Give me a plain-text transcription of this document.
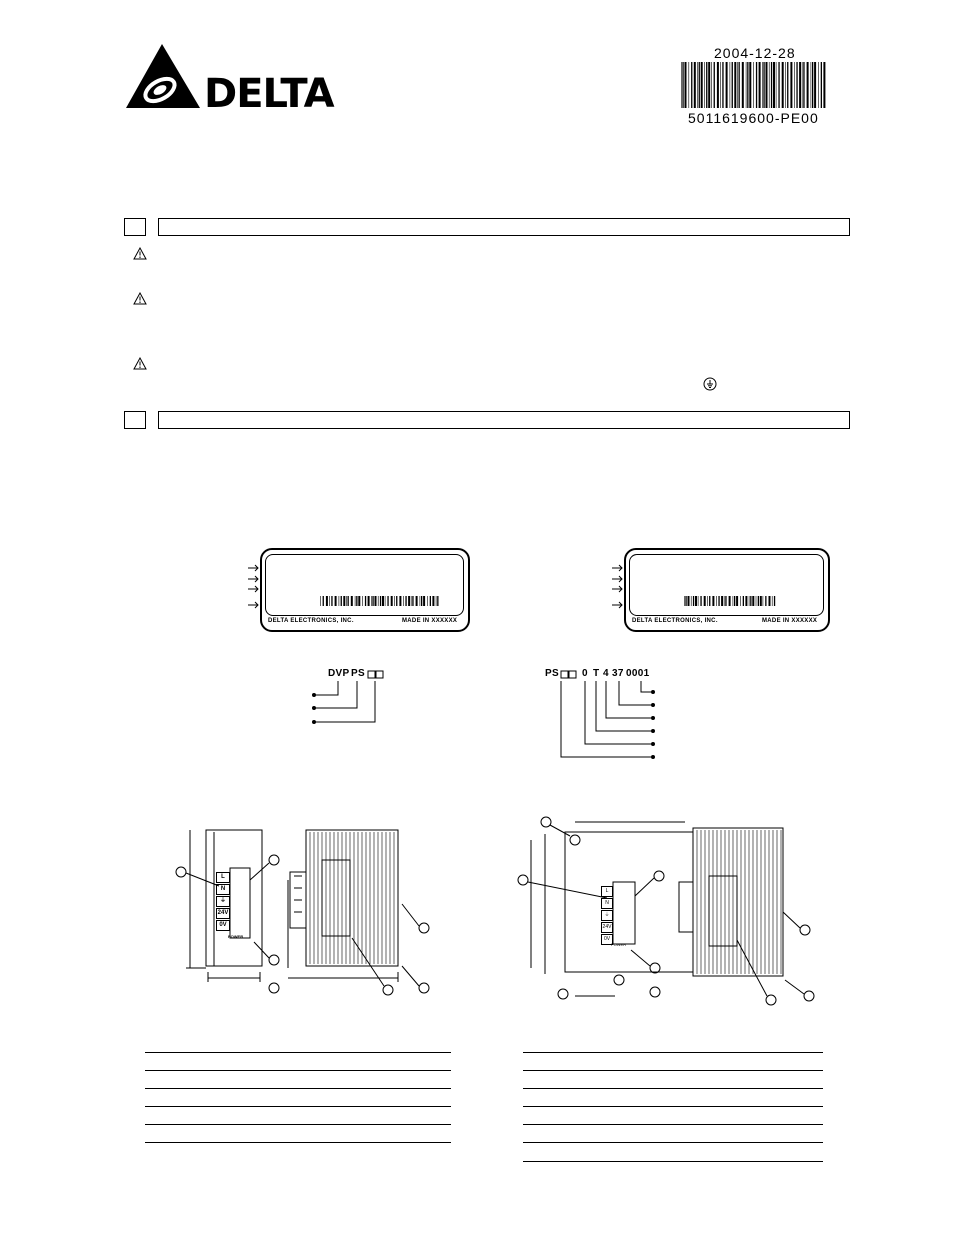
DELTA
2004-12-28
5011619600-PE00
DELTA ELECTRONICS, INC.	MADE IN XXXXXX	DELTA ELECTRONICS, INC.	MADE IN XXXXXX
DVP PS	PS 0 T 4 37 0001
L
N
⏚
24V
0V
POWER
L
N
⏚
24V
0V
POWER
